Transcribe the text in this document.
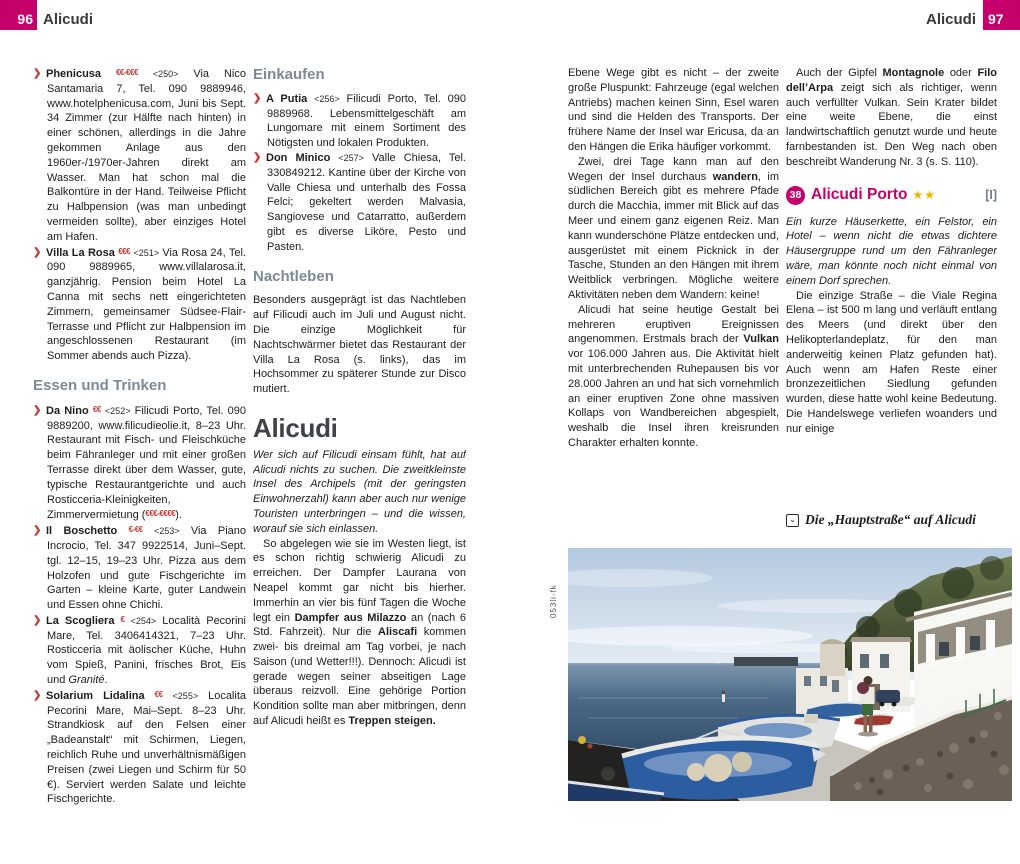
96 Alicudi	Alicudi 97

❯ Phenicusa €€-€€€ <250> Via Nico Santamaria 7, Tel. 090 9889946, www.hotelphenicusa.com, Juni bis Sept. 34 Zimmer (zur Hälfte nach hinten) in einer schönen, allerdings in die Jahre gekommen Anlage aus den 1960er-/1970er-Jahren direkt am Wasser. Man hat schon mal die Balkontüre in der Hand. Teilweise Pflicht zu Halbpension (was man unbedingt vermeiden sollte), aber einziges Hotel am Hafen.

❯ Villa La Rosa €€€ <251> Via Rosa 24, Tel. 090 9889965, www.villalarosa.it, ganzjährig. Pension beim Hotel La Canna mit sechs nett eingerichteten Zimmern, gemeinsamer Südsee-Flair-Terrasse und Pflicht zur Halbpension im angeschlossenen Restaurant (im Sommer abends auch Pizza).

Essen und Trinken

❯ Da Nino €€ <252> Filicudi Porto, Tel. 090 9889200, www.filicudieolie.it, 8–23 Uhr. Restaurant mit Fisch- und Fleischküche beim Fähranleger und mit einer großen Terrasse direkt über dem Wasser, gute, typische Restaurantgerichte und auch Rosticceria-Kleinigkeiten, Zimmervermietung (€€€-€€€€).

❯ Il Boschetto €-€€ <253> Via Piano Incrocio, Tel. 347 9922514, Juni–Sept. tgl. 12–15, 19–23 Uhr. Pizza aus dem Holzofen und gute Fischgerichte im Garten – kleine Karte, guter Landwein und Essen ohne Chichi.

❯ La Scogliera € <254> Località Pecorini Mare, Tel. 3406414321, 7–23 Uhr. Rosticceria mit äolischer Küche, Huhn vom Spieß, Panini, frisches Brot, Eis und Granité.

❯ Solarium Lidalina €€ <255> Localita Pecorini Mare, Mai–Sept. 8–23 Uhr. Strandkiosk auf den Felsen einer „Badeanstalt“ mit Schirmen, Liegen, reichlich Ruhe und unverhältnismäßigen Preisen (zwei Liegen und Schirm für 50 €). Serviert werden Salate und leichte Fischgerichte.

Einkaufen

❯ A Putia <256> Filicudi Porto, Tel. 090 9889968. Lebensmittelgeschäft am Lungomare mit einem Sortiment des Nötigsten und lokalen Produkten.

❯ Don Minico <257> Valle Chiesa, Tel. 330849212. Kantine über der Kirche von Valle Chiesa und unterhalb des Fossa Felci; gekeltert werden Malvasia, Sangiovese und Catarratto, außerdem gibt es diverse Liköre, Pesto und Pasten.

Nachtleben

Besonders ausgeprägt ist das Nachtleben auf Filicudi auch im Juli und August nicht. Die einzige Möglichkeit für Nachtschwärmer bietet das Restaurant der Villa La Rosa (s. links), das im Hochsommer zu späterer Stunde zur Disco mutiert.

Alicudi

Wer sich auf Filicudi einsam fühlt, hat auf Alicudi nichts zu suchen. Die zweitkleinste Insel des Archipels (mit der geringsten Einwohnerzahl) kann aber auch nur wenige Touristen unterbringen – und die wissen, worauf sie sich einlassen.

So abgelegen wie sie im Westen liegt, ist es schon richtig schwierig Alicudi zu erreichen. Der Dampfer Laurana von Neapel kommt gar nicht bis hierher. Immerhin an vier bis fünf Tagen die Woche legt ein Dampfer aus Milazzo an (nach 6 Std. Fahrzeit). Nur die Aliscafi kommen zwei- bis dreimal am Tag vorbei, je nach Saison (und Wetter!!!). Dennoch: Alicudi ist gerade wegen seiner abseitigen Lage überaus reizvoll. Eine gehörige Portion Kondition sollte man aber mitbringen, denn auf Alicudi heißt es Treppen steigen.

Ebene Wege gibt es nicht – der zweite große Pluspunkt: Fahrzeuge (egal welchen Antriebs) machen keinen Sinn, Esel waren und sind die Helden des Transports. Der frühere Name der Insel war Ericusa, da an den Hängen die Erika häufiger vorkommt.

Zwei, drei Tage kann man auf den Wegen der Insel durchaus wandern, im südlichen Bereich gibt es mehrere Pfade durch die Macchia, immer mit Blick auf das Meer und einem ganz eigenen Reiz. Man kann wunderschöne Plätze entdecken und, ausgerüstet mit einem Picknick in der Tasche, Stunden an den Hängen mit ihrem Weitblick verbringen. Mögliche weitere Aktivitäten neben dem Wandern: keine!

Alicudi hat seine heutige Gestalt bei mehreren eruptiven Ereignissen angenommen. Erstmals brach der Vulkan vor 106.000 Jahren aus. Die Aktivität hielt mit unterbrechenden Ruhepausen bis vor 28.000 Jahren an und hat sich vornehmlich an einer eruptiven Zone ohne massiven Kollaps von Wandbereichen abgespielt, weshalb die Insel ihren kreisrunden Charakter erhalten konnte.

Auch der Gipfel Montagnole oder Filo dell’Arpa zeigt sich als richtiger, wenn auch verfüllter Vulkan. Sein Krater bildet eine weite Ebene, die einst landwirtschaftlich genutzt wurde und heute farnbestanden ist. Den Weg nach oben beschreibt Wanderung Nr. 3 (s. S. 110).

38 Alicudi Porto ★★	[I]

Ein kurze Häuserkette, ein Felstor, ein Hotel – wenn nicht die etwas dichtere Häusergruppe rund um den Fähranleger wäre, man könnte noch nicht einmal von einem Dorf sprechen.

Die einzige Straße – die Viale Regina Elena – ist 500 m lang und verläuft entlang des Meers (und direkt über den Helikopterlandeplatz, für den man anderweitig keinen Platz gefunden hat). Auch wenn am Hafen Reste einer bronzezeitlichen Siedlung gefunden wurden, diese hatte wohl keine Bedeutung. Die Handelswege verliefen woanders und nur einige

⌄ Die „Hauptstraße“ auf Alicudi
053li-fk
